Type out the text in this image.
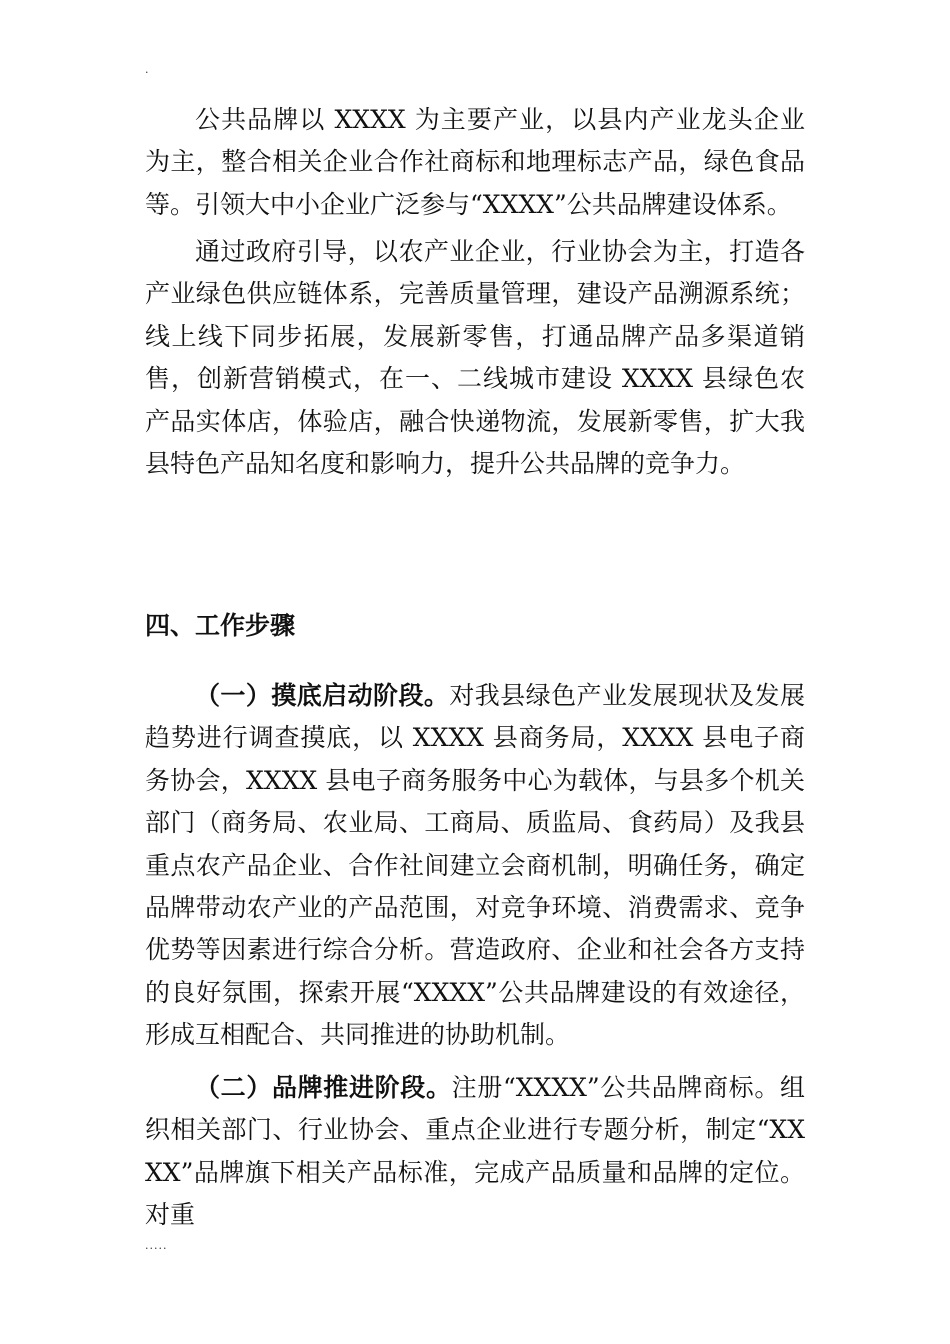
.

公共品牌以 XXXX 为主要产业，以县内产业龙头企业为主，整合相关企业合作社商标和地理标志产品，绿色食品等。引领大中小企业广泛参与“XXXX”公共品牌建设体系。

通过政府引导，以农产业企业，行业协会为主，打造各产业绿色供应链体系，完善质量管理，建设产品溯源系统；线上线下同步拓展，发展新零售，打通品牌产品多渠道销售，创新营销模式，在一、二线城市建设 XXXX 县绿色农产品实体店，体验店，融合快递物流，发展新零售，扩大我县特色产品知名度和影响力，提升公共品牌的竞争力。

四、工作步骤

（一）摸底启动阶段。对我县绿色产业发展现状及发展趋势进行调查摸底，以 XXXX 县商务局，XXXX 县电子商务协会，XXXX 县电子商务服务中心为载体，与县多个机关部门（商务局、农业局、工商局、质监局、食药局）及我县重点农产品企业、合作社间建立会商机制，明确任务，确定品牌带动农产业的产品范围，对竞争环境、消费需求、竞争优势等因素进行综合分析。营造政府、企业和社会各方支持的良好氛围，探索开展“XXXX”公共品牌建设的有效途径，形成互相配合、共同推进的协助机制。

（二）品牌推进阶段。注册“XXXX”公共品牌商标。组织相关部门、行业协会、重点企业进行专题分析，制定“XXXX”品牌旗下相关产品标准，完成产品质量和品牌的定位。对重

.....
